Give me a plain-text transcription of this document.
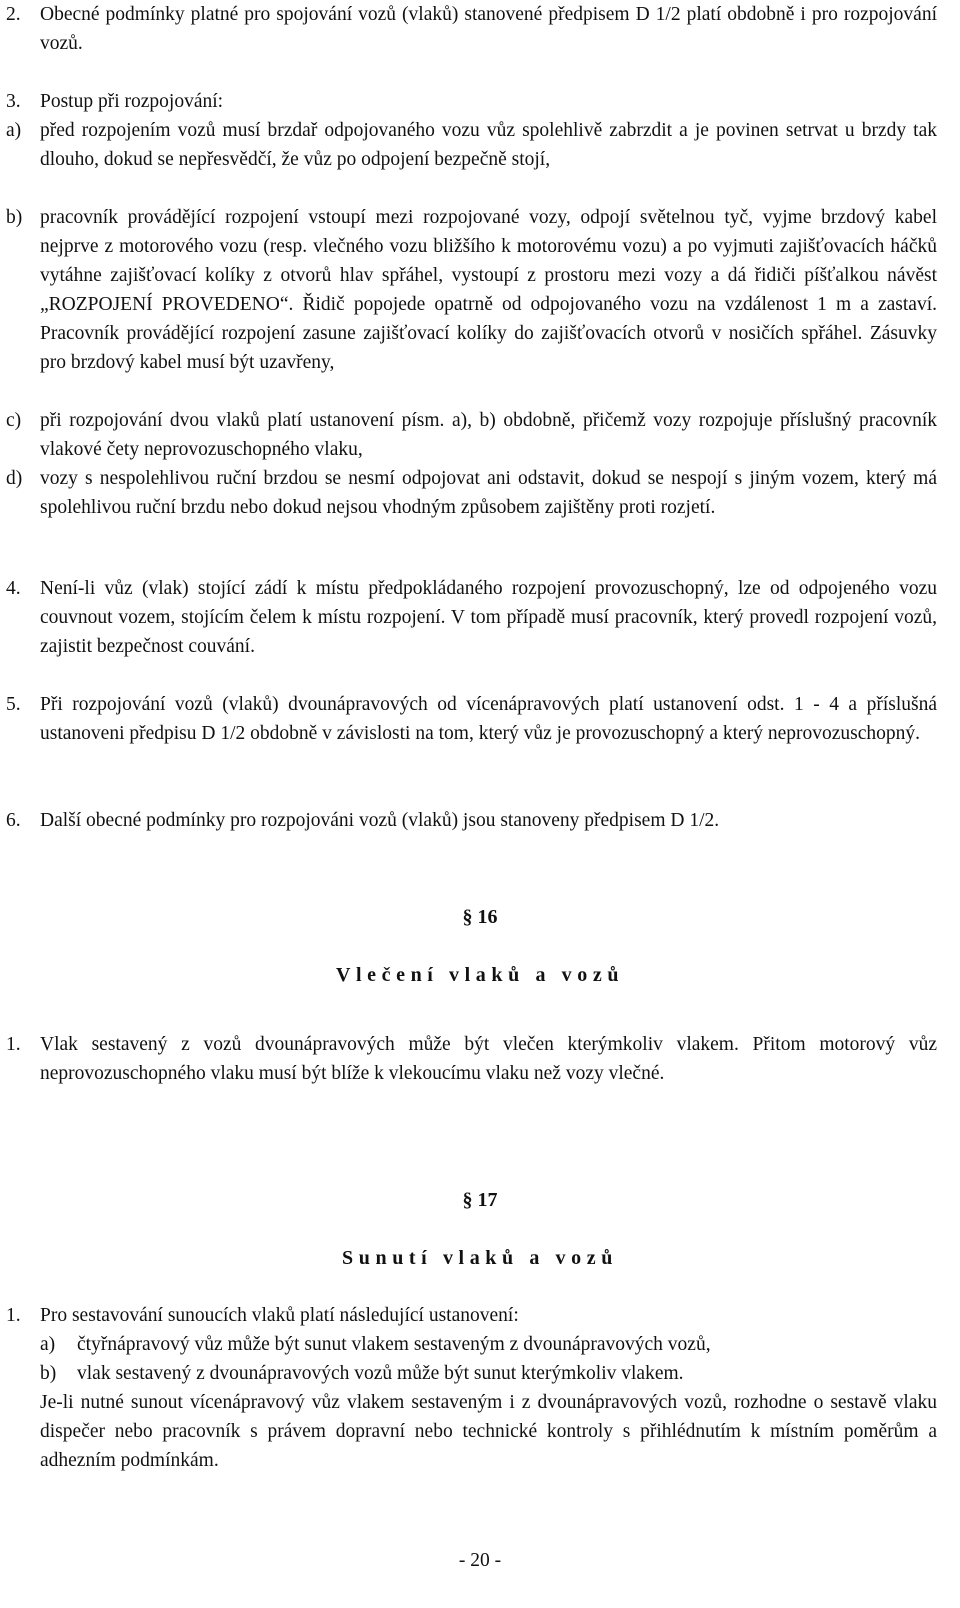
2. Obecné podmínky platné pro spojování vozů (vlaků) stanovené předpisem D 1/2 platí obdobně i pro rozpojování vozů.

3. Postup při rozpojování:

a) před rozpojením vozů musí brzdař odpojovaného vozu vůz spolehlivě zabrzdit a je povinen setrvat u brzdy tak dlouho, dokud se nepřesvědčí, že vůz po odpojení bezpečně stojí,

b) pracovník provádějící rozpojení vstoupí mezi rozpojované vozy, odpojí světelnou tyč, vyjme brzdový kabel nejprve z motorového vozu (resp. vlečného vozu bližšího k motorovému vozu) a po vyjmuti zajišťovacích háčků vytáhne zajišťovací kolíky z otvorů hlav spřáhel, vystoupí z prostoru mezi vozy a dá řidiči píšťalkou návěst „ROZPOJENÍ PROVEDENO“. Řidič popojede opatrně od odpojovaného vozu na vzdálenost 1 m a zastaví. Pracovník provádějící rozpojení zasune zajišťovací kolíky do zajišťovacích otvorů v nosičích spřáhel. Zásuvky pro brzdový kabel musí být uzavřeny,

c) při rozpojování dvou vlaků platí ustanovení písm. a), b) obdobně, přičemž vozy rozpojuje příslušný pracovník vlakové čety neprovozuschopného vlaku,

d) vozy s nespolehlivou ruční brzdou se nesmí odpojovat ani odstavit, dokud se nespojí s jiným vozem, který má spolehlivou ruční brzdu nebo dokud nejsou vhodným způsobem zajištěny proti rozjetí.

4. Není-li vůz (vlak) stojící zádí k místu předpokládaného rozpojení provozuschopný, lze od odpojeného vozu couvnout vozem, stojícím čelem k místu rozpojení. V tom případě musí pracovník, který provedl rozpojení vozů, zajistit bezpečnost couvání.

5. Při rozpojování vozů (vlaků) dvounápravových od vícenápravových platí ustanovení odst. 1 - 4 a příslušná ustanoveni předpisu D 1/2 obdobně v závislosti na tom, který vůz je provozuschopný a který neprovozuschopný.

6. Další obecné podmínky pro rozpojováni vozů (vlaků) jsou stanoveny předpisem D 1/2.

§ 16
Vlečení vlaků a vozů
1. Vlak sestavený z vozů dvounápravových může být vlečen kterýmkoliv vlakem. Přitom motorový vůz neprovozuschopného vlaku musí být blíže k vlekoucímu vlaku než vozy vlečné.

§ 17
Sunutí vlaků a vozů
1. Pro sestavování sunoucích vlaků platí následující ustanovení:

a) čtyřnápravový vůz může být sunut vlakem sestaveným z dvounápravových vozů,

b) vlak sestavený z dvounápravových vozů může být sunut kterýmkoliv vlakem.

Je-li nutné sunout vícenápravový vůz vlakem sestaveným i z dvounápravových vozů, rozhodne o sestavě vlaku dispečer nebo pracovník s právem dopravní nebo technické kontroly s přihlédnutím k místním poměrům a adhezním podmínkám.

- 20 -
